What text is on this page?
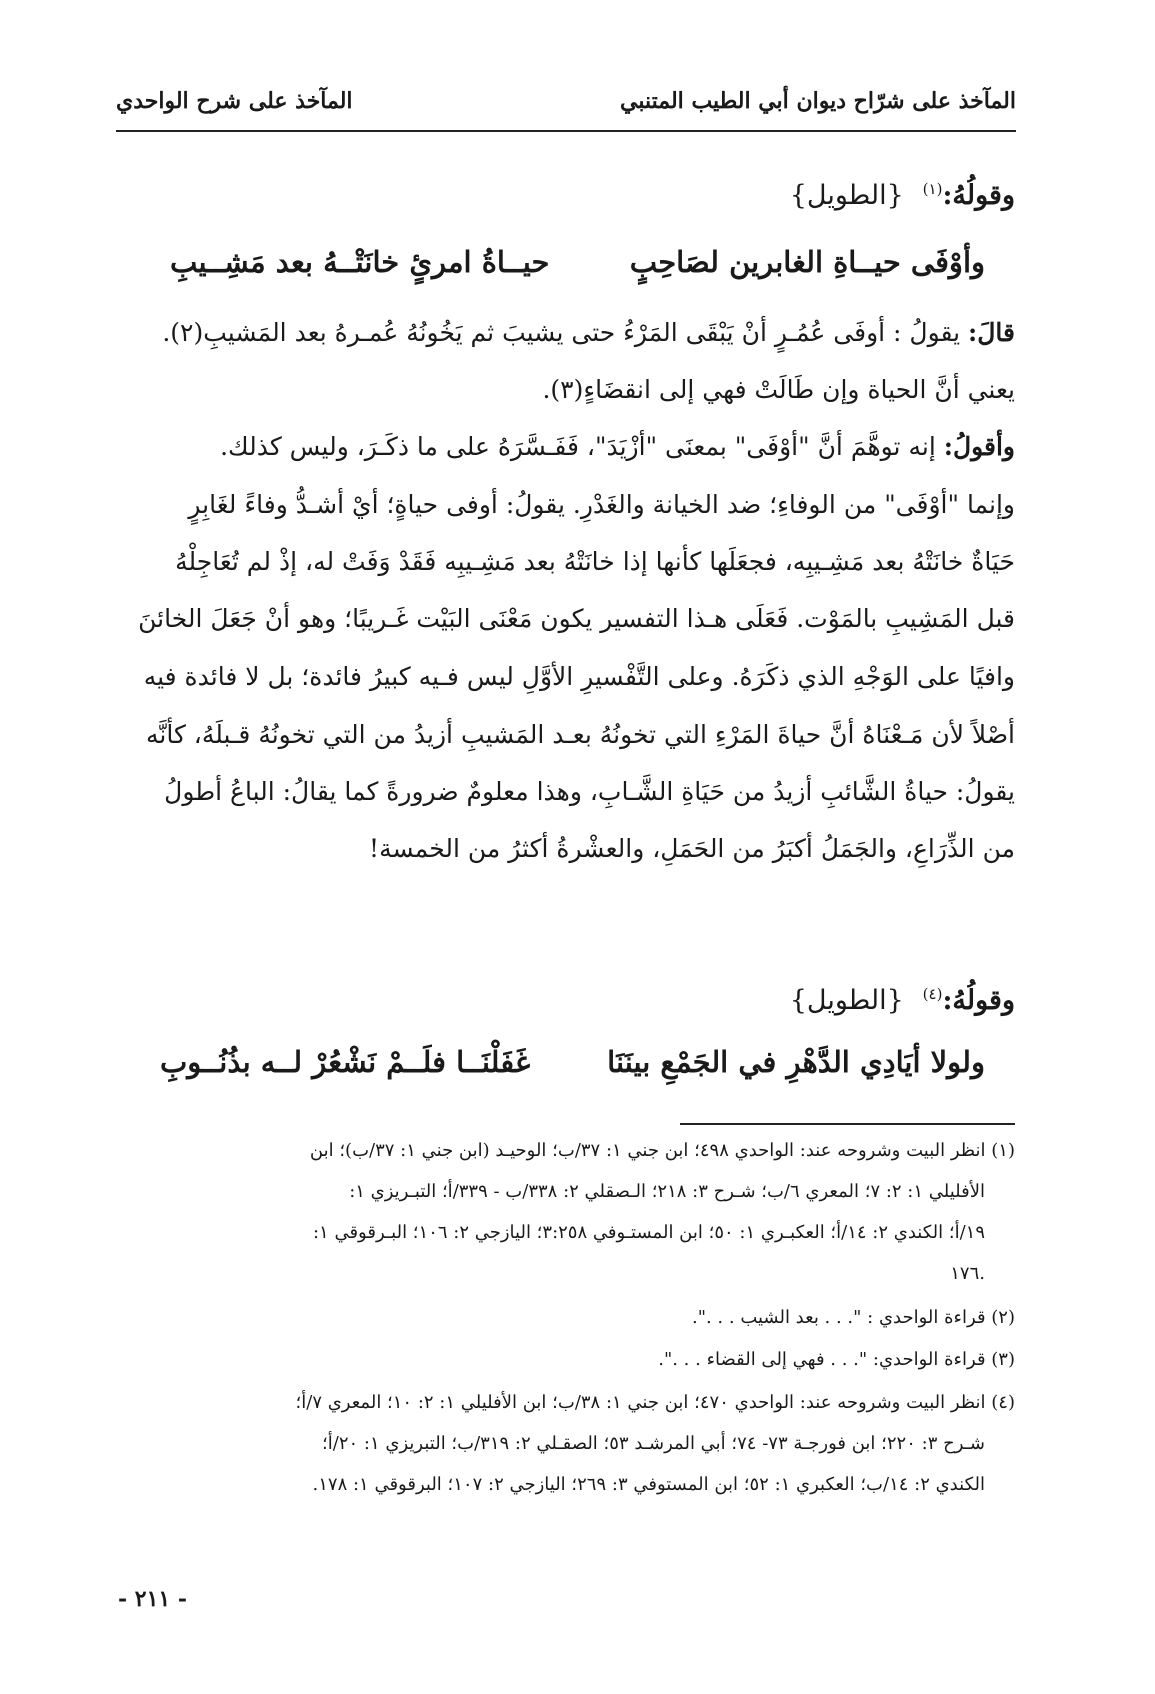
المآخذ على شرّاح ديوان أبي الطيب المتنبي
المآخذ على شرح الواحدي
وقولُهُ:$^{(١)}$  {الطويل}
وأوْفَى حيــاةِ الغابرين لصَاحِبٍ
حيــاةُ امرئٍ خانَتْــهُ بعد مَشِــيبِ
قالَ: يقولُ : أوفَى عُمُـرٍ أنْ يَبْقَى المَرْءُ حتى يشيبَ ثم يَخُونُهُ عُمـرهُ بعد المَشيبِ(٢).
يعني أنَّ الحياة وإن طَالَتْ فهي إلى انقضَاءٍ(٣).
وأقولُ: إنه توهَّمَ أنَّ "أوْفَى" بمعنَى "أزْيَدَ"، فَفَـسَّرَهُ على ما ذكَـرَ، وليس كذلك.
وإنما "أوْفَى" من الوفاءِ؛ ضد الخيانة والغَدْرِ. يقولُ: أوفى حياةٍ؛ أيْ أشـدُّ وفاءً لغَابِرٍ
حَيَاةٌ خانَتْهُ بعد مَشِـيبِه، فجعَلَها كأنها إذا خانَتْهُ بعد مَشِـيبِه فَقَدْ وَفَتْ له، إذْ لم تُعَاجِلْهُ
قبل المَشِيبِ بالمَوْت. فَعَلَى هـذا التفسير يكون مَعْنَى البَيْت غَـريبًا؛ وهو أنْ جَعَلَ الخائنَ
وافيًا على الوَجْهِ الذي ذكَرَهُ. وعلى التَّفْسيرِ الأوَّلِ ليس فـيه كبيرُ فائدة؛ بل لا فائدة فيه
أصْلاً لأن مَـعْنَاهُ أنَّ حياةَ المَرْءِ التي تخونُهُ بعـد المَشيبِ أزيدُ من التي تخونُهُ قـبلَهُ، كأنَّه
يقولُ: حياةُ الشَّائبِ أزيدُ من حَيَاةِ الشَّـابِ، وهذا معلومٌ ضرورةً كما يقالُ: الباعُ أطولُ
من الذِّرَاعِ، والجَمَلُ أكبَرُ من الحَمَلِ، والعشْرةُ أكثرُ من الخمسة!
وقولُهُ:$^{(٤)}$  {الطويل}
ولولا أيَادِي الدَّهْرِ في الجَمْعِ بينَنَا
غَفَلْنَــا فلَــمْ نَشْعُرْ لــه بذُنُــوبِ
(١) انظر البيت وشروحه عند: الواحدي ٤٩٨؛ ابن جني ١: ٣٧/ب؛ الوحيـد (ابن جني ١: ٣٧/ب)؛ ابن
الأفليلي ١: ٢: ٧؛ المعري ٦/ب؛ شـرح ٣: ٢١٨؛ الـصقلي ٢: ٣٣٨/ب - ٣٣٩/أ؛ التبـريزي ١:
١٩/أ؛ الكندي ٢: ١٤/أ؛ العكبـري ١: ٥٠؛ ابن المستـوفي ٣:٢٥٨؛ اليازجي ٢: ١٠٦؛ البـرقوقي ١:
١٧٦.
(٢) قراءة الواحدي : ". . . بعد الشيب . . .".
(٣) قراءة الواحدي: ". . . فهي إلى القضاء . . .".
(٤) انظر البيت وشروحه عند: الواحدي ٤٧٠؛ ابن جني ١: ٣٨/ب؛ ابن الأفليلي ١: ٢: ١٠؛ المعري ٧/أ؛
شـرح ٣: ٢٢٠؛ ابن فورجـة ٧٣- ٧٤؛ أبي المرشـد ٥٣؛ الصقـلي ٢: ٣١٩/ب؛ التبريزي ١: ٢٠/أ؛
الكندي ٢: ١٤/ب؛ العكبري ١: ٥٢؛ ابن المستوفي ٣: ٢٦٩؛ اليازجي ٢: ١٠٧؛ البرقوقي ١: ١٧٨.
- ٢١١ -
